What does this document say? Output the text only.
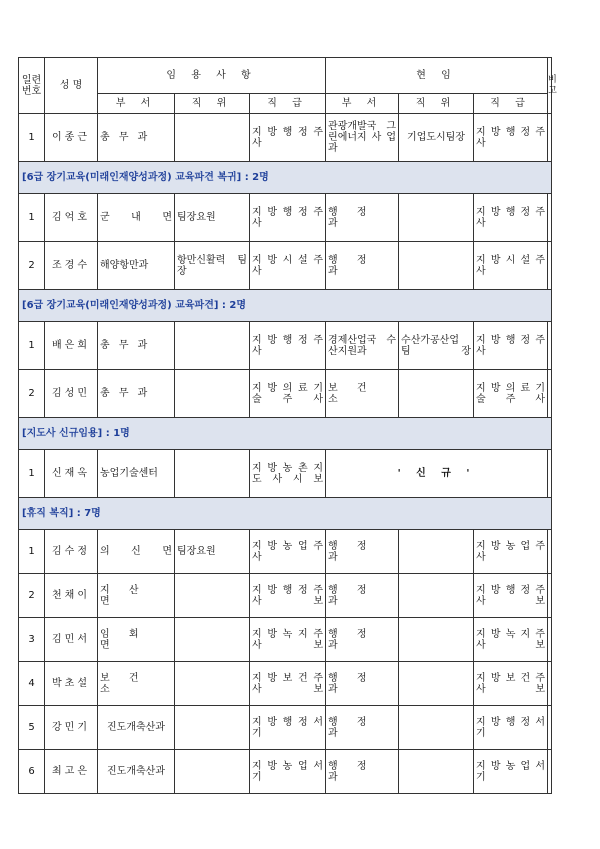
일련
번호	성 명	임 용 사 항			현 임			비고
		부 서	직 위	직 급	부 서	직 위	직 급	
1	이종근	총 무 과		지 방 행 정 주 사	관광개발국 그린에너지 사 업 과	기업도시팀장	지 방 행 정 주 사	
[6급 장기교육(미래인재양성과정) 교육파견 복귀] : 2명								
1	김억호	군 내 면	팀장요원	지 방 행 정 주 사	행 정 과		지 방 행 정 주 사	
2	조경수	해양항만과	항만신활력 팀 장	지 방 시 설 주 사	행 정 과		지 방 시 설 주 사	
[6급 장기교육(미래인재양성과정) 교육파견] : 2명								
1	배은희	총 무 과		지 방 행 정 주 사	경제산업국 수산지원과	수산가공산업 팀 장	지 방 행 정 주 사	
2	김성민	총 무 과		지 방 의 료 기 술 주 사	보 건 소		지 방 의 료 기 술 주 사	
[지도사 신규임용] : 1명								
1	신재옥	농업기술센터		지 방 농 촌 지 도 사 시 보	' 신 규 '			
[휴직 복직] : 7명								
1	김수정	의 신 면	팀장요원	지 방 농 업 주 사	행 정 과		지 방 농 업 주 사	
2	천채이	지 산 면		지 방 행 정 주 사 보	행 정 과		지 방 행 정 주 사 보	
3	김민서	임 회 면		지 방 녹 지 주 사 보	행 정 과		지 방 녹 지 주 사 보	
4	박초설	보 건 소		지 방 보 건 주 사 보	행 정 과		지 방 보 건 주 사 보	
5	강민기	진도개축산과		지 방 행 정 서 기	행 정 과		지 방 행 정 서 기	
6	최고은	진도개축산과		지 방 농 업 서 기	행 정 과		지 방 농 업 서 기	
